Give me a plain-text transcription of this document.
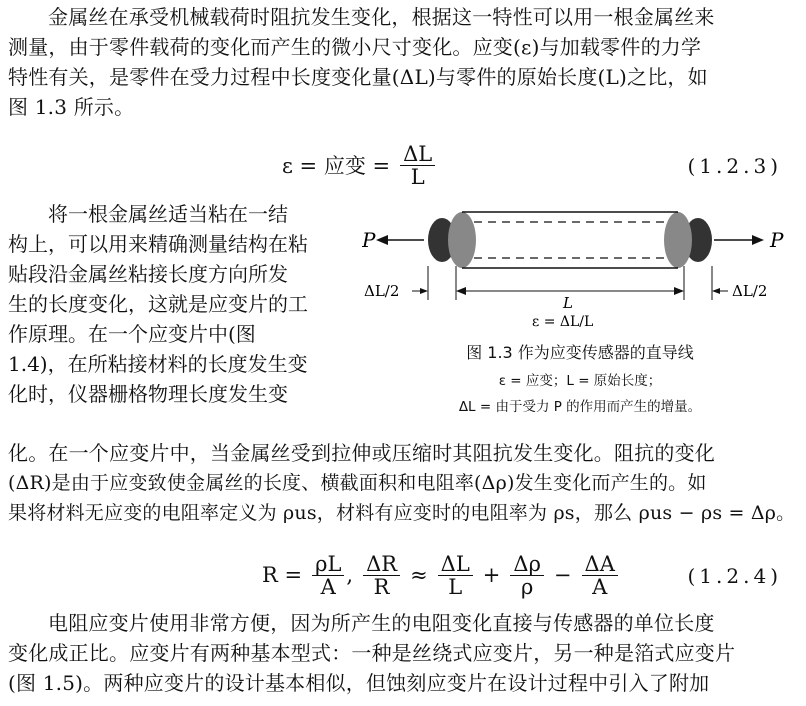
金属丝在承受机械载荷时阻抗发生变化，根据这一特性可以用一根金属丝来
测量，由于零件载荷的变化而产生的微小尺寸变化。应变(ε)与加载零件的力学
特性有关，是零件在受力过程中长度变化量(ΔL)与零件的原始长度(L)之比，如
图 1.3 所示。

ε = 应变 = $\frac{\Delta L}{L}$	(1.2.3)

将一根金属丝适当粘在一结
构上，可以用来精确测量结构在粘
贴段沿金属丝粘接长度方向所发
生的长度变化，这就是应变片的工
作原理。在一个应变片中(图
1.4)，在所粘接材料的长度发生变
化时，仪器栅格物理长度发生变

P	P
ΔL/2
L
ΔL/2
ε = ΔL/L

图 1.3 作为应变传感器的直导线

ε = 应变；L = 原始长度；

ΔL = 由于受力 P 的作用而产生的增量。

化。在一个应变片中，当金属丝受到拉伸或压缩时其阻抗发生变化。阻抗的变化
(ΔR)是由于应变致使金属丝的长度、横截面积和电阻率(Δρ)发生变化而产生的。如
果将材料无应变的电阻率定义为 ρus，材料有应变时的电阻率为 ρs，那么 ρus − ρs = Δρ。

$R = \frac{\rho L}{A}$ , $\frac{\Delta R}{R} \approx \frac{\Delta L}{L} + \frac{\Delta\rho}{\rho} - \frac{\Delta A}{A}$	(1.2.4)

电阻应变片使用非常方便，因为所产生的电阻变化直接与传感器的单位长度
变化成正比。应变片有两种基本型式：一种是丝绕式应变片，另一种是箔式应变片
(图 1.5)。两种应变片的设计基本相似，但蚀刻应变片在设计过程中引入了附加
